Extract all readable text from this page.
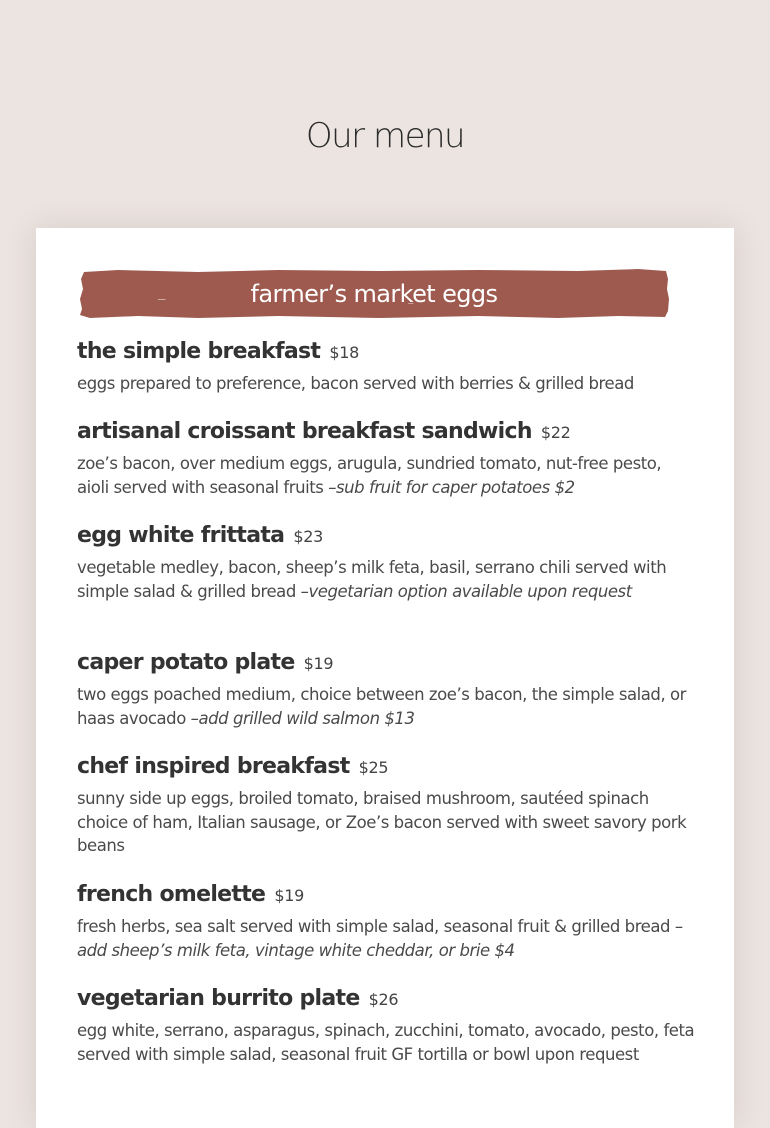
Our menu
farmer’s market eggs

the simple breakfast $18

eggs prepared to preference, bacon served with berries & grilled bread

artisanal croissant breakfast sandwich $22

zoe’s bacon, over medium eggs, arugula, sundried tomato, nut-free pesto, aioli served with seasonal fruits –sub fruit for caper potatoes $2

egg white frittata $23

vegetable medley, bacon, sheep’s milk feta, basil, serrano chili served with simple salad & grilled bread –vegetarian option available upon request

caper potato plate $19

two eggs poached medium, choice between zoe’s bacon, the simple salad, or haas avocado –add grilled wild salmon $13

chef inspired breakfast $25

sunny side up eggs, broiled tomato, braised mushroom, sautéed spinach choice of ham, Italian sausage, or Zoe’s bacon served with sweet savory pork beans

french omelette $19

fresh herbs, sea salt served with simple salad, seasonal fruit & grilled bread –add sheep’s milk feta, vintage white cheddar, or brie $4

vegetarian burrito plate $26

egg white, serrano, asparagus, spinach, zucchini, tomato, avocado, pesto, feta served with simple salad, seasonal fruit GF tortilla or bowl upon request
